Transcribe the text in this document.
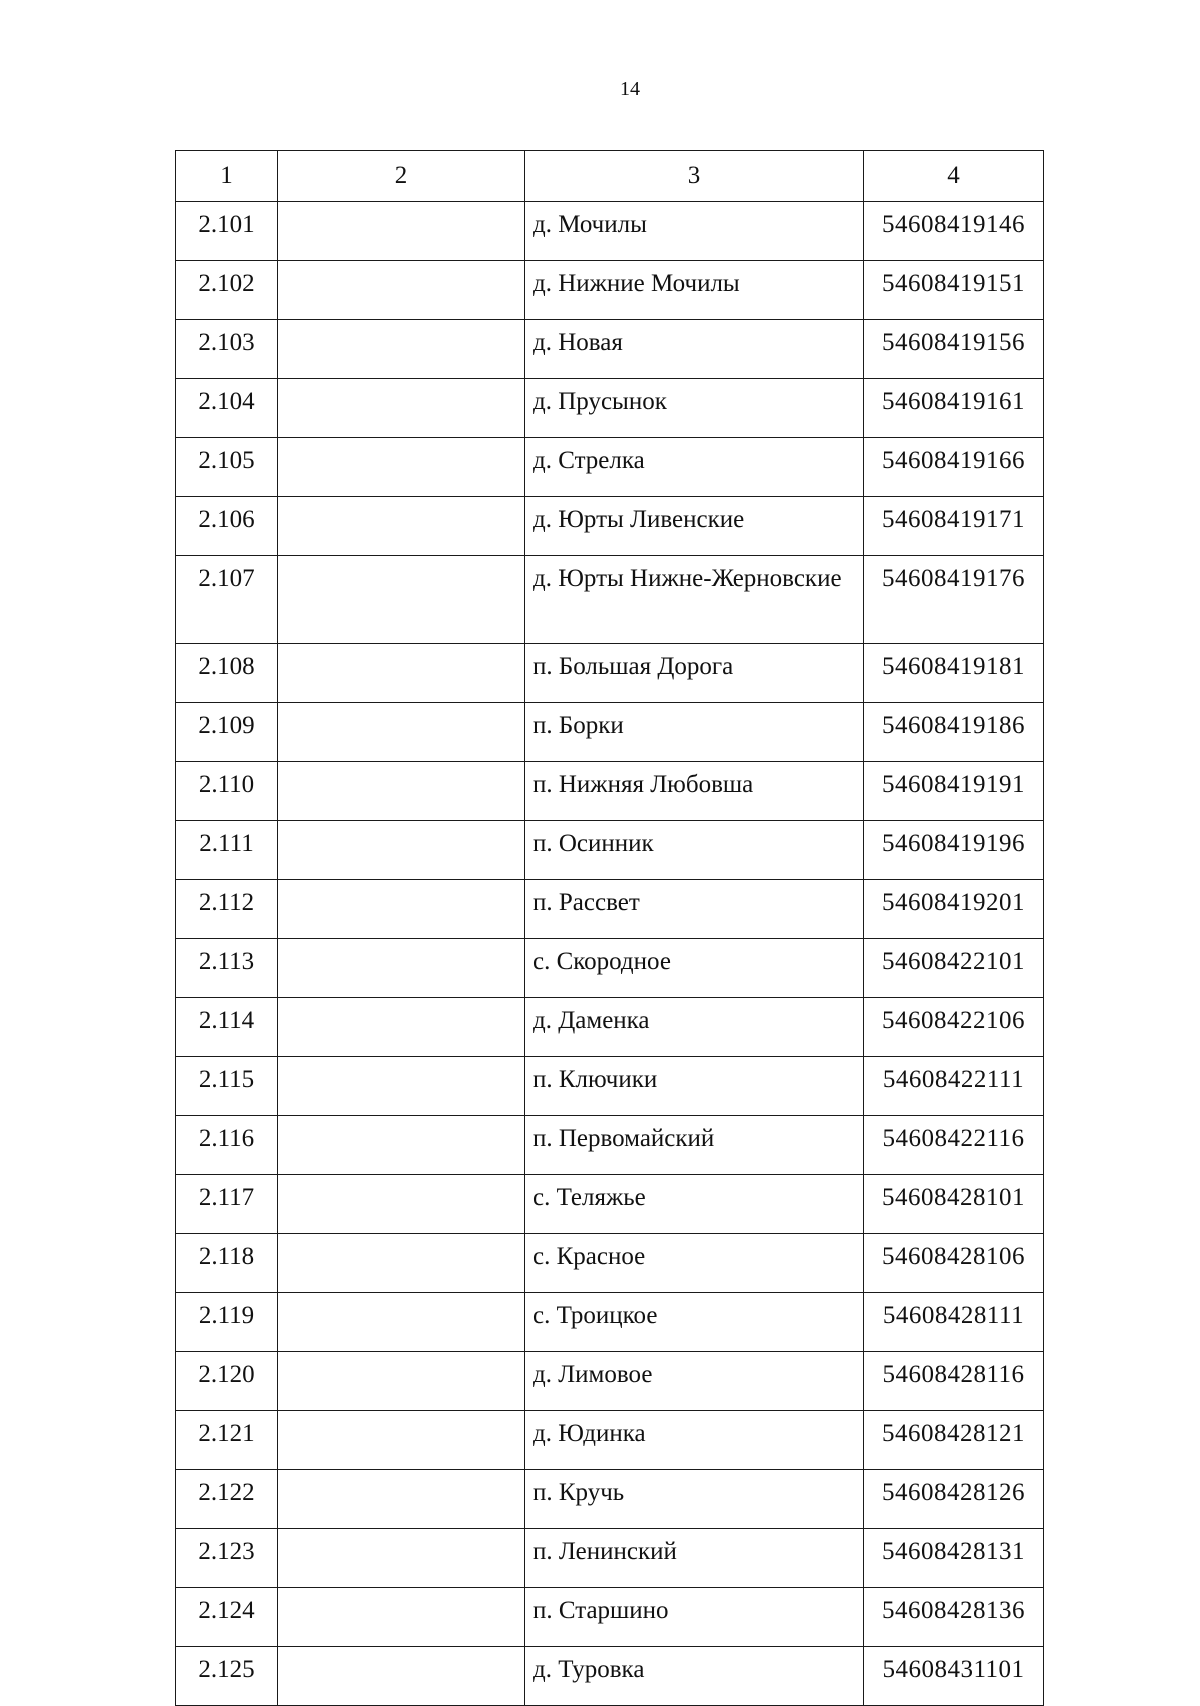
14
1	2	3	4
2.101		д. Мочилы	54608419146
2.102		д. Нижние Мочилы	54608419151
2.103		д. Новая	54608419156
2.104		д. Прусынок	54608419161
2.105		д. Стрелка	54608419166
2.106		д. Юрты Ливенские	54608419171
2.107		д. Юрты Нижне-Жерновские	54608419176
2.108		п. Большая Дорога	54608419181
2.109		п. Борки	54608419186
2.110		п. Нижняя Любовша	54608419191
2.111		п. Осинник	54608419196
2.112		п. Рассвет	54608419201
2.113		с. Скородное	54608422101
2.114		д. Даменка	54608422106
2.115		п. Ключики	54608422111
2.116		п. Первомайский	54608422116
2.117		с. Теляжье	54608428101
2.118		с. Красное	54608428106
2.119		с. Троицкое	54608428111
2.120		д. Лимовое	54608428116
2.121		д. Юдинка	54608428121
2.122		п. Кручь	54608428126
2.123		п. Ленинский	54608428131
2.124		п. Старшино	54608428136
2.125		д. Туровка	54608431101
